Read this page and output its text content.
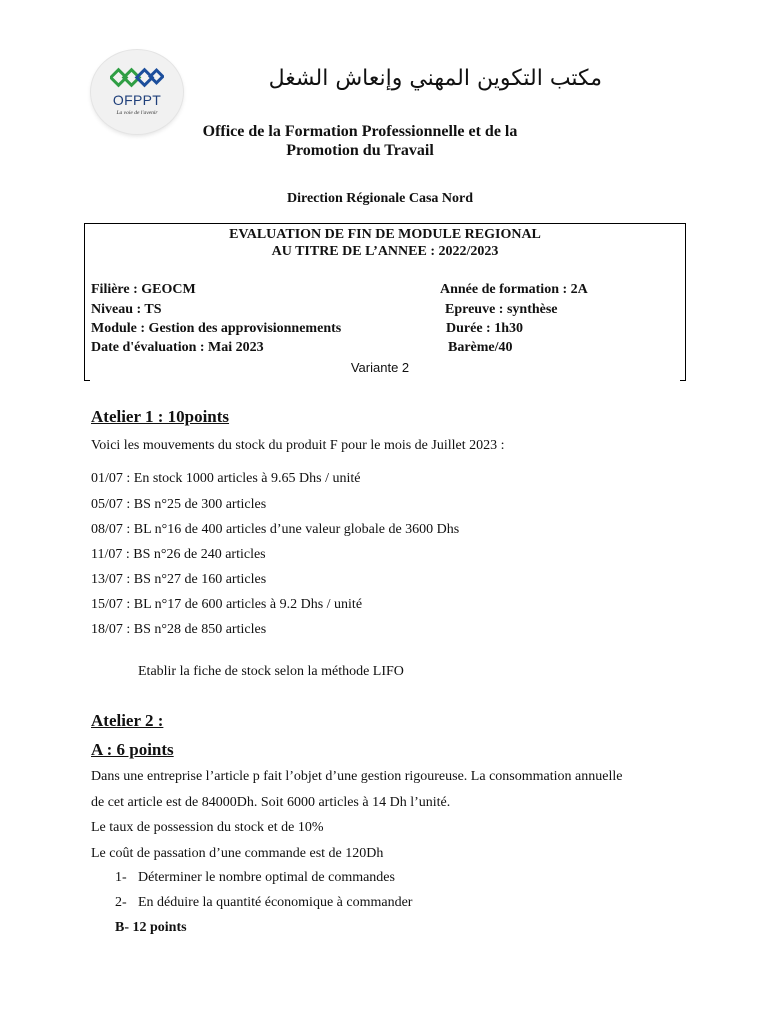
OFPPT
La voie de l'avenir
مكتب التكوين المهني وإنعاش الشغل
Office de la Formation Professionnelle et de la
Promotion du Travail
Direction Régionale Casa Nord
EVALUATION DE FIN DE MODULE REGIONAL
AU TITRE DE L’ANNEE : 2022/2023
Filière : GEOCM	Année de formation : 2A
Niveau : TS	Epreuve : synthèse
Module : Gestion des approvisionnements	Durée : 1h30
Date d'évaluation : Mai 2023	Barème/40
Variante 2
Atelier 1 : 10points
Voici les mouvements du stock du produit F pour le mois de Juillet 2023 :
01/07 : En stock 1000 articles à 9.65 Dhs / unité
05/07 : BS n°25 de 300 articles
08/07 : BL n°16 de 400 articles d’une valeur globale de 3600 Dhs
11/07 : BS n°26 de 240 articles
13/07 : BS n°27 de 160 articles
15/07 : BL n°17 de 600 articles à 9.2 Dhs / unité
18/07 : BS n°28 de 850 articles
Etablir la fiche de stock selon la méthode LIFO
Atelier 2 :
A : 6 points
Dans une entreprise l’article p fait l’objet d’une gestion rigoureuse. La consommation annuelle
de cet article est de 84000Dh. Soit 6000 articles à 14 Dh l’unité.
Le taux de possession du stock et de 10%
Le coût de passation d’une commande est de 120Dh
1- Déterminer le nombre optimal de commandes
2- En déduire la quantité économique à commander
B- 12 points
